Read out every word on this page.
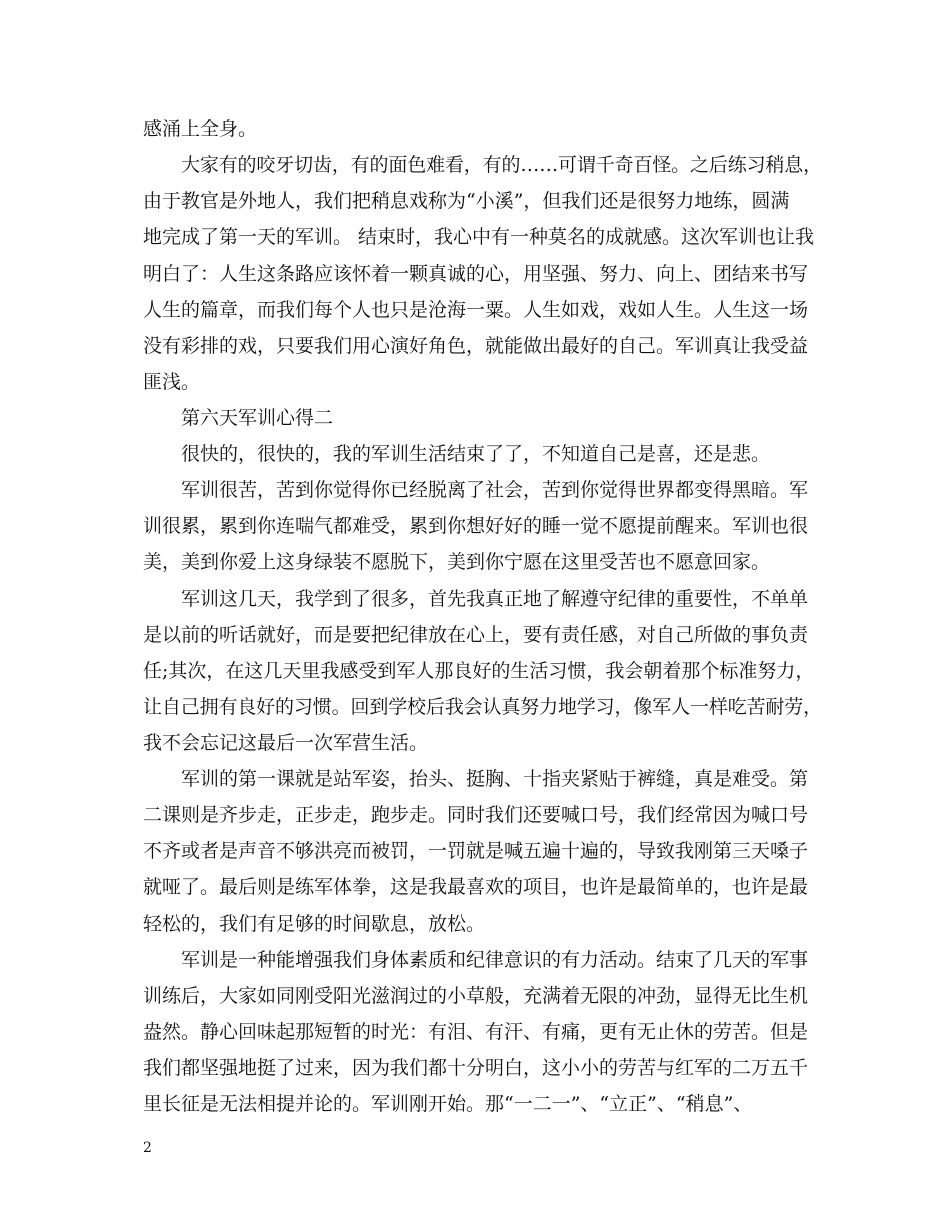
感涌上全身。
大家有的咬牙切齿，有的面色难看，有的……可谓千奇百怪。之后练习稍息，
由于教官是外地人，我们把稍息戏称为“小溪”，但我们还是很努力地练，圆满
地完成了第一天的军训。 结束时，我心中有一种莫名的成就感。这次军训也让我
明白了：人生这条路应该怀着一颗真诚的心，用坚强、努力、向上、团结来书写
人生的篇章，而我们每个人也只是沧海一粟。人生如戏，戏如人生。人生这一场
没有彩排的戏，只要我们用心演好角色，就能做出最好的自己。军训真让我受益
匪浅。
第六天军训心得二
很快的，很快的，我的军训生活结束了了，不知道自己是喜，还是悲。
军训很苦，苦到你觉得你已经脱离了社会，苦到你觉得世界都变得黑暗。军
训很累，累到你连喘气都难受，累到你想好好的睡一觉不愿提前醒来。军训也很
美，美到你爱上这身绿装不愿脱下，美到你宁愿在这里受苦也不愿意回家。
军训这几天，我学到了很多，首先我真正地了解遵守纪律的重要性，不单单
是以前的听话就好，而是要把纪律放在心上，要有责任感，对自己所做的事负责
任;其次，在这几天里我感受到军人那良好的生活习惯，我会朝着那个标准努力，
让自己拥有良好的习惯。回到学校后我会认真努力地学习，像军人一样吃苦耐劳，
我不会忘记这最后一次军营生活。
军训的第一课就是站军姿，抬头、挺胸、十指夹紧贴于裤缝，真是难受。第
二课则是齐步走，正步走，跑步走。同时我们还要喊口号，我们经常因为喊口号
不齐或者是声音不够洪亮而被罚，一罚就是喊五遍十遍的，导致我刚第三天嗓子
就哑了。最后则是练军体拳，这是我最喜欢的项目，也许是最简单的，也许是最
轻松的，我们有足够的时间歇息，放松。
军训是一种能增强我们身体素质和纪律意识的有力活动。结束了几天的军事
训练后，大家如同刚受阳光滋润过的小草般，充满着无限的冲劲，显得无比生机
盎然。静心回味起那短暂的时光：有泪、有汗、有痛，更有无止休的劳苦。但是
我们都坚强地挺了过来，因为我们都十分明白，这小小的劳苦与红军的二万五千
里长征是无法相提并论的。军训刚开始。那“一二一”、“立正”、“稍息”、
2
